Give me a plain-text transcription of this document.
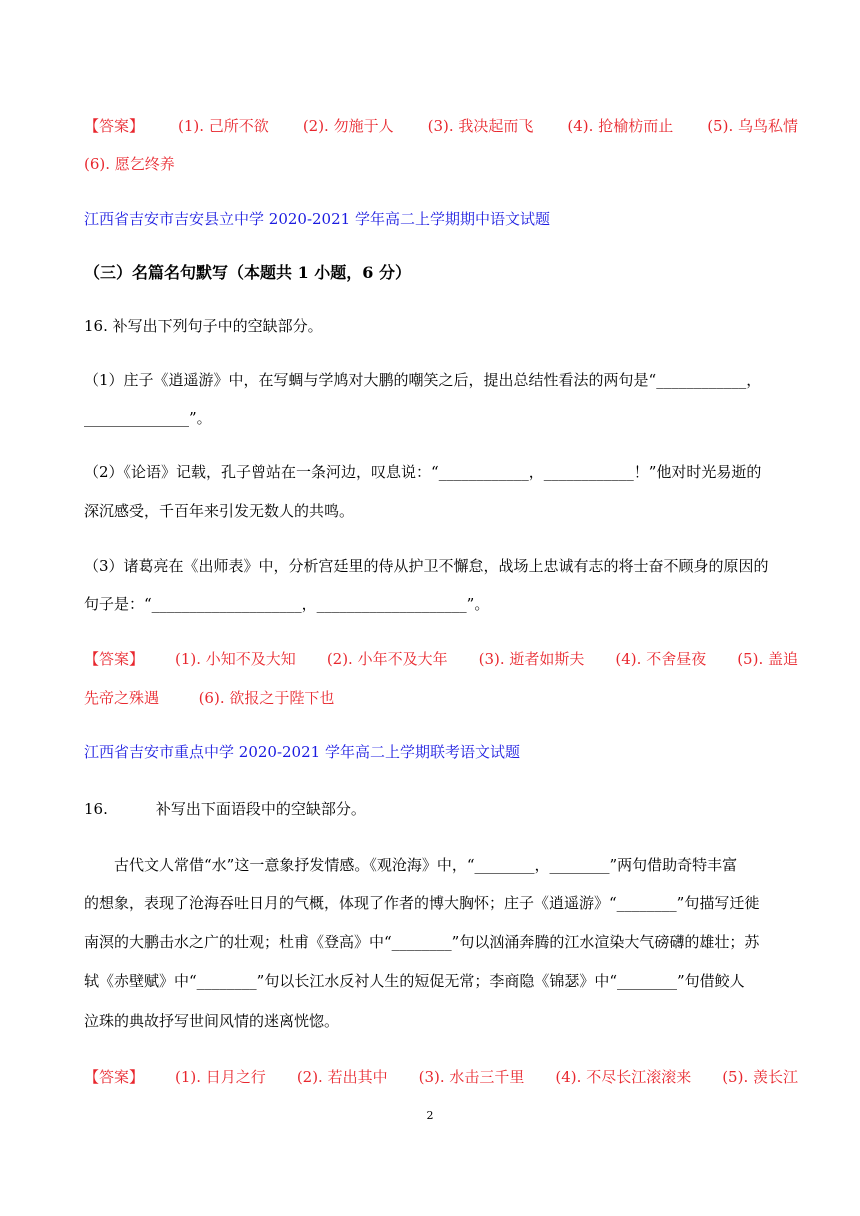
【答案】 (1). 己所不欲 (2). 勿施于人 (3). 我决起而飞 (4). 抢榆枋而止 (5). 乌鸟私情
(6). 愿乞终养
江西省吉安市吉安县立中学 2020-2021 学年高二上学期期中语文试题
（三）名篇名句默写（本题共 1 小题，6 分）
16. 补写出下列句子中的空缺部分。
（1）庄子《逍遥游》中，在写蜩与学鸠对大鹏的嘲笑之后，提出总结性看法的两句是“____________，
______________”。
（2）《论语》记载，孔子曾站在一条河边，叹息说：“____________，____________！”他对时光易逝的
深沉感受，千百年来引发无数人的共鸣。
（3）诸葛亮在《出师表》中，分析宫廷里的侍从护卫不懈怠，战场上忠诚有志的将士奋不顾身的原因的
句子是：“____________________，____________________”。
【答案】 (1). 小知不及大知 (2). 小年不及大年 (3). 逝者如斯夫 (4). 不舍昼夜 (5). 盖追
先帝之殊遇	(6). 欲报之于陛下也
江西省吉安市重点中学 2020-2021 学年高二上学期联考语文试题
16.	补写出下面语段中的空缺部分。
古代文人常借“水”这一意象抒发情感。《观沧海》中，“________，________”两句借助奇特丰富
的想象，表现了沧海吞吐日月的气概，体现了作者的博大胸怀；庄子《逍遥游》“________”句描写迁徙
南溟的大鹏击水之广的壮观；杜甫《登高》中“________”句以汹涌奔腾的江水渲染大气磅礴的雄壮；苏
轼《赤壁赋》中“________”句以长江水反衬人生的短促无常；李商隐《锦瑟》中“________”句借鲛人
泣珠的典故抒写世间风情的迷离恍惚。
【答案】 (1). 日月之行 (2). 若出其中 (3). 水击三千里 (4). 不尽长江滚滚来 (5). 羡长江
2
